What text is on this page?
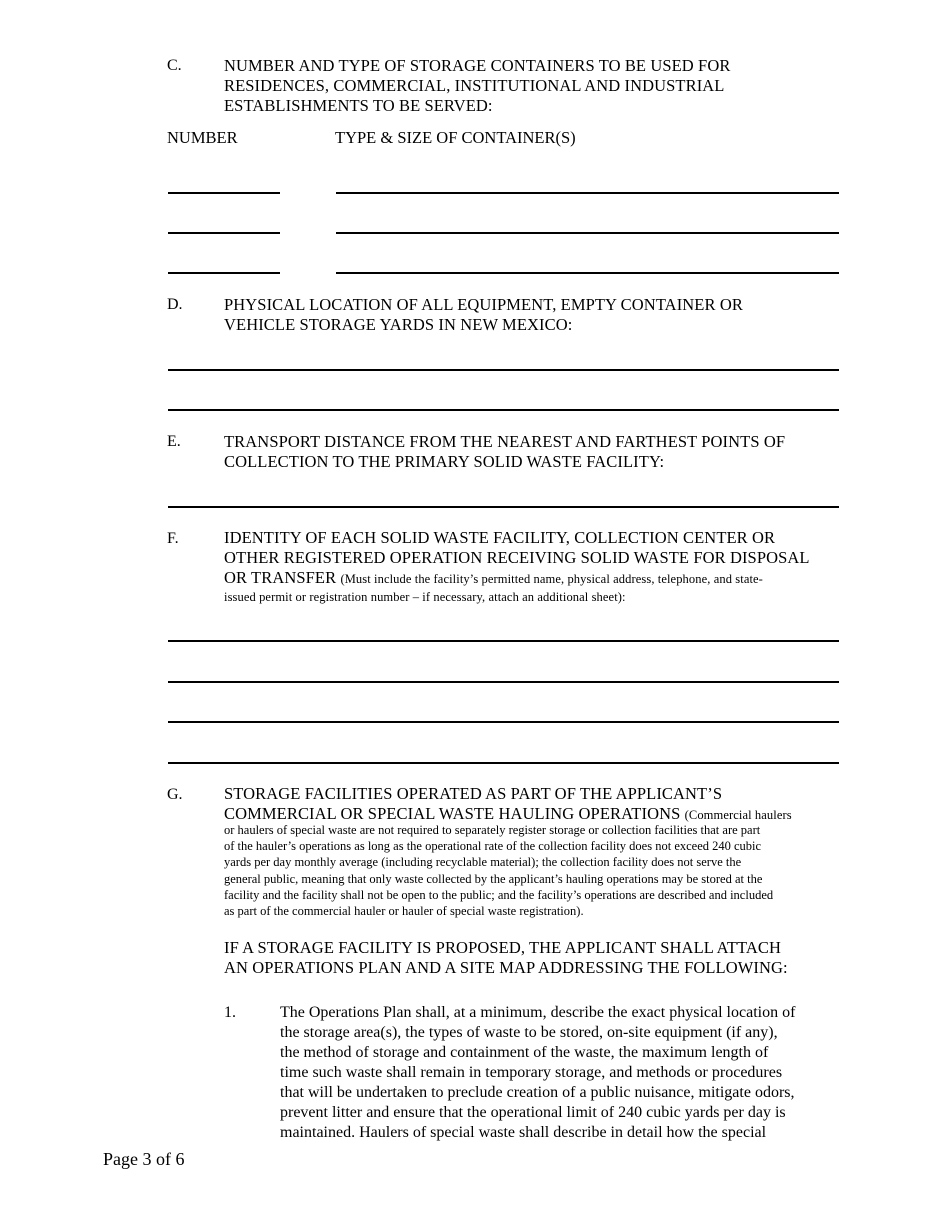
C.	NUMBER AND TYPE OF STORAGE CONTAINERS TO BE USED FOR
RESIDENCES, COMMERCIAL, INSTITUTIONAL AND INDUSTRIAL
ESTABLISHMENTS TO BE SERVED:
NUMBER	TYPE & SIZE OF CONTAINER(S)
D.	PHYSICAL LOCATION OF ALL EQUIPMENT, EMPTY CONTAINER OR
VEHICLE STORAGE YARDS IN NEW MEXICO:
E.	TRANSPORT DISTANCE FROM THE NEAREST AND FARTHEST POINTS OF
COLLECTION TO THE PRIMARY SOLID WASTE FACILITY:
F.	IDENTITY OF EACH SOLID WASTE FACILITY, COLLECTION CENTER OR
OTHER REGISTERED OPERATION RECEIVING SOLID WASTE FOR DISPOSAL
OR TRANSFER (Must include the facility’s permitted name, physical address, telephone, and state-
issued permit or registration number – if necessary, attach an additional sheet):
G.	STORAGE FACILITIES OPERATED AS PART OF THE APPLICANT’S
COMMERCIAL OR SPECIAL WASTE HAULING OPERATIONS (Commercial haulers
or haulers of special waste are not required to separately register storage or collection facilities that are part
of the hauler’s operations as long as the operational rate of the collection facility does not exceed 240 cubic
yards per day monthly average (including recyclable material); the collection facility does not serve the
general public, meaning that only waste collected by the applicant’s hauling operations may be stored at the
facility and the facility shall not be open to the public; and the facility’s operations are described and included
as part of the commercial hauler or hauler of special waste registration).
IF A STORAGE FACILITY IS PROPOSED, THE APPLICANT SHALL ATTACH
AN OPERATIONS PLAN AND A SITE MAP ADDRESSING THE FOLLOWING:
1.	The Operations Plan shall, at a minimum, describe the exact physical location of
the storage area(s), the types of waste to be stored, on-site equipment (if any),
the method of storage and containment of the waste, the maximum length of
time such waste shall remain in temporary storage, and methods or procedures
that will be undertaken to preclude creation of a public nuisance, mitigate odors,
prevent litter and ensure that the operational limit of 240 cubic yards per day is
maintained. Haulers of special waste shall describe in detail how the special
Page 3 of 6
